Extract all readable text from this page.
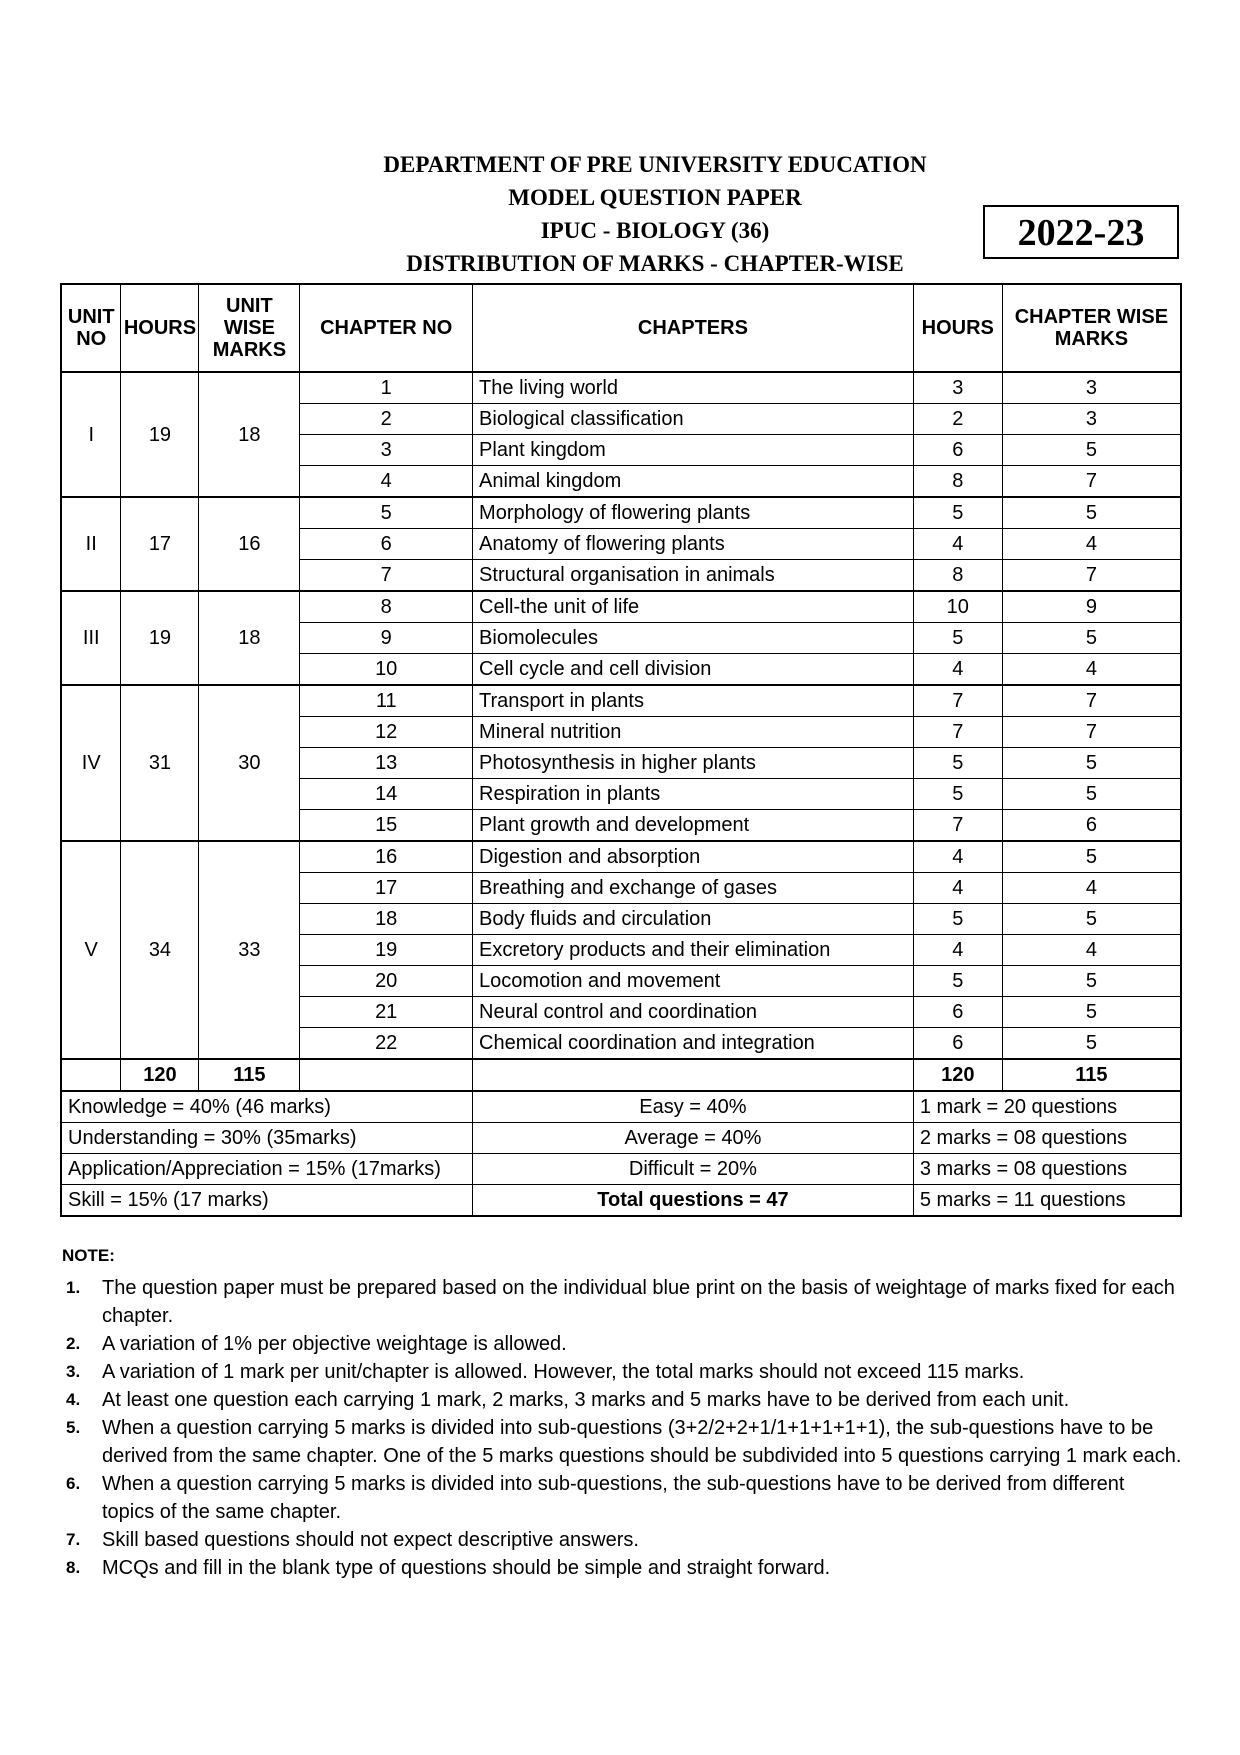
DEPARTMENT OF PRE UNIVERSITY EDUCATION
MODEL QUESTION PAPER
IPUC - BIOLOGY (36)
DISTRIBUTION OF MARKS - CHAPTER-WISE
2022-23
UNIT NO	HOURS	UNIT WISE MARKS	CHAPTER NO	CHAPTERS	HOURS	CHAPTER WISE MARKS
I	19	18	1	The living world	3	3
			2	Biological classification	2	3
			3	Plant kingdom	6	5
			4	Animal kingdom	8	7
II	17	16	5	Morphology of flowering plants	5	5
			6	Anatomy of flowering plants	4	4
			7	Structural organisation in animals	8	7
III	19	18	8	Cell-the unit of life	10	9
			9	Biomolecules	5	5
			10	Cell cycle and cell division	4	4
IV	31	30	11	Transport in plants	7	7
			12	Mineral nutrition	7	7
			13	Photosynthesis in higher plants	5	5
			14	Respiration in plants	5	5
			15	Plant growth and development	7	6
V	34	33	16	Digestion and absorption	4	5
			17	Breathing and exchange of gases	4	4
			18	Body fluids and circulation	5	5
			19	Excretory products and their elimination	4	4
			20	Locomotion and movement	5	5
			21	Neural control and coordination	6	5
			22	Chemical coordination and integration	6	5
	120	115			120	115
Knowledge = 40% (46 marks)				Easy = 40%	1 mark = 20 questions	
Understanding = 30% (35marks)				Average = 40%	2 marks = 08 questions	
Application/Appreciation = 15% (17marks)				Difficult = 20%	3 marks = 08 questions	
Skill = 15% (17 marks)				Total questions = 47	5 marks = 11 questions	
NOTE:
1. The question paper must be prepared based on the individual blue print on the basis of weightage of marks fixed for each chapter.
2. A variation of 1% per objective weightage is allowed.
3. A variation of 1 mark per unit/chapter is allowed. However, the total marks should not exceed 115 marks.
4. At least one question each carrying 1 mark, 2 marks, 3 marks and 5 marks have to be derived from each unit.
5. When a question carrying 5 marks is divided into sub-questions (3+2/2+2+1/1+1+1+1+1), the sub-questions have to be derived from the same chapter. One of the 5 marks questions should be subdivided into 5 questions carrying 1 mark each.
6. When a question carrying 5 marks is divided into sub-questions, the sub-questions have to be derived from different topics of the same chapter.
7. Skill based questions should not expect descriptive answers.
8. MCQs and fill in the blank type of questions should be simple and straight forward.
